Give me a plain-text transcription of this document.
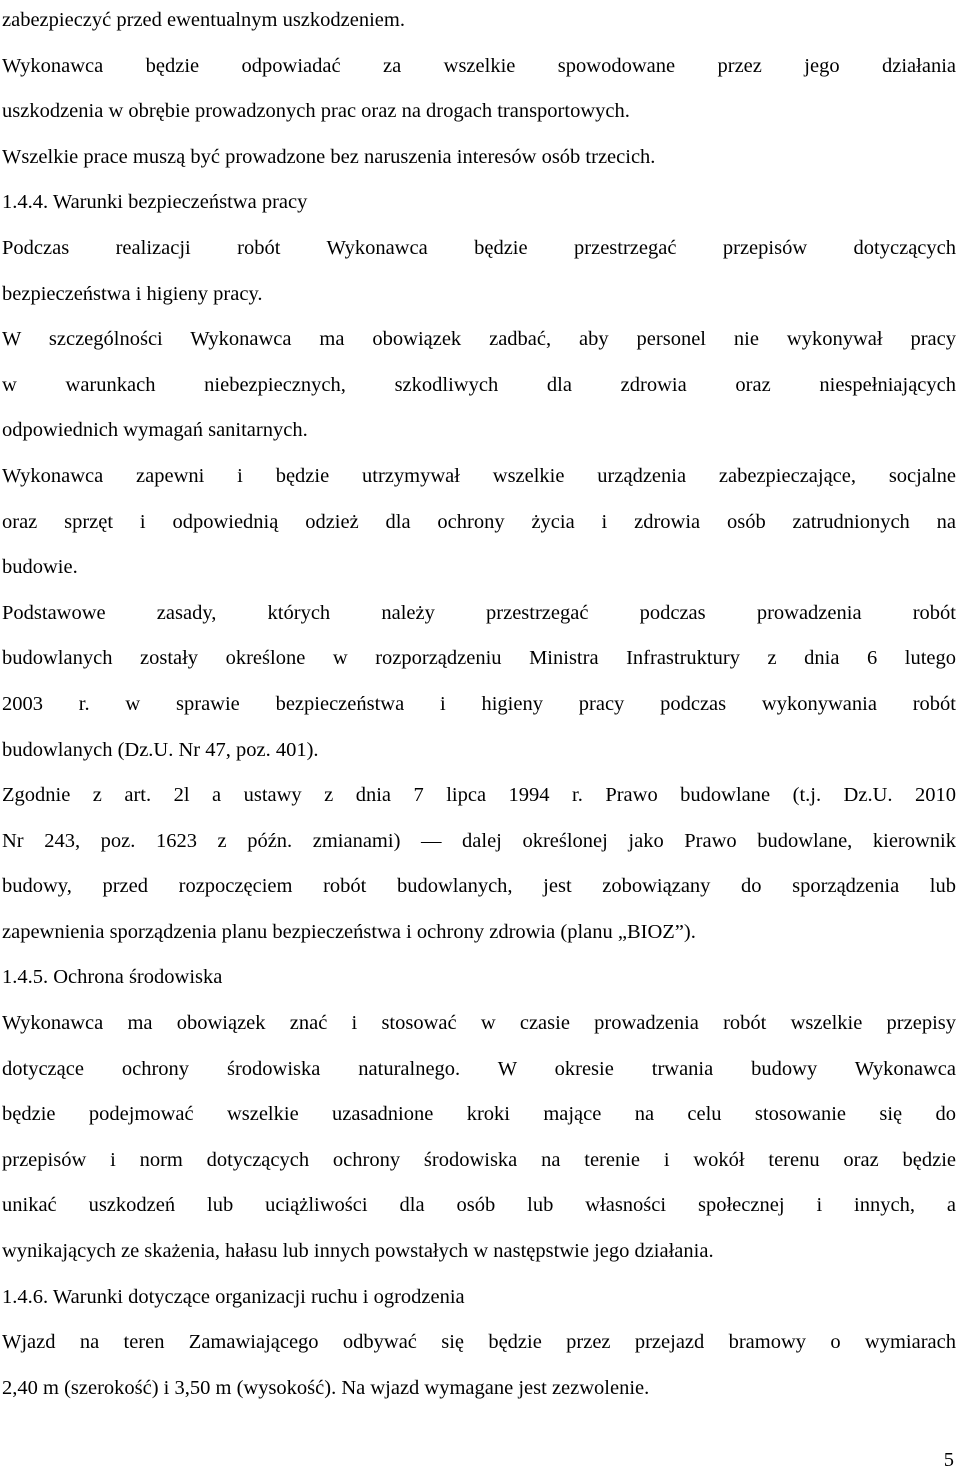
zabezpieczyć przed ewentualnym uszkodzeniem.
Wykonawca będzie odpowiadać za wszelkie spowodowane przez jego działania
uszkodzenia w obrębie prowadzonych prac oraz na drogach transportowych.
Wszelkie prace muszą być prowadzone bez naruszenia interesów osób trzecich.
1.4.4. Warunki bezpieczeństwa pracy
Podczas realizacji robót Wykonawca będzie przestrzegać przepisów dotyczących
bezpieczeństwa i higieny pracy.
W szczególności Wykonawca ma obowiązek zadbać, aby personel nie wykonywał pracy
w warunkach niebezpiecznych, szkodliwych dla zdrowia oraz niespełniających
odpowiednich wymagań sanitarnych.
Wykonawca zapewni i będzie utrzymywał wszelkie urządzenia zabezpieczające, socjalne
oraz sprzęt i odpowiednią odzież dla ochrony życia i zdrowia osób zatrudnionych na
budowie.
Podstawowe zasady, których należy przestrzegać podczas prowadzenia robót
budowlanych zostały określone w rozporządzeniu Ministra Infrastruktury z dnia 6 lutego
2003 r. w sprawie bezpieczeństwa i higieny pracy podczas wykonywania robót
budowlanych (Dz.U. Nr 47, poz. 401).
Zgodnie z art. 2l a ustawy z dnia 7 lipca 1994 r. Prawo budowlane (t.j. Dz.U. 2010
Nr 243, poz. 1623 z późn. zmianami) — dalej określonej jako Prawo budowlane, kierownik
budowy, przed rozpoczęciem robót budowlanych, jest zobowiązany do sporządzenia lub
zapewnienia sporządzenia planu bezpieczeństwa i ochrony zdrowia (planu „BIOZ”).
1.4.5. Ochrona środowiska
Wykonawca ma obowiązek znać i stosować w czasie prowadzenia robót wszelkie przepisy
dotyczące ochrony środowiska naturalnego. W okresie trwania budowy Wykonawca
będzie podejmować wszelkie uzasadnione kroki mające na celu stosowanie się do
przepisów i norm dotyczących ochrony środowiska na terenie i wokół terenu oraz będzie
unikać uszkodzeń lub uciążliwości dla osób lub własności społecznej i innych, a
wynikających ze skażenia, hałasu lub innych powstałych w następstwie jego działania.
1.4.6. Warunki dotyczące organizacji ruchu i ogrodzenia
Wjazd na teren Zamawiającego odbywać się będzie przez przejazd bramowy o wymiarach
2,40 m (szerokość) i 3,50 m (wysokość). Na wjazd wymagane jest zezwolenie.
5
